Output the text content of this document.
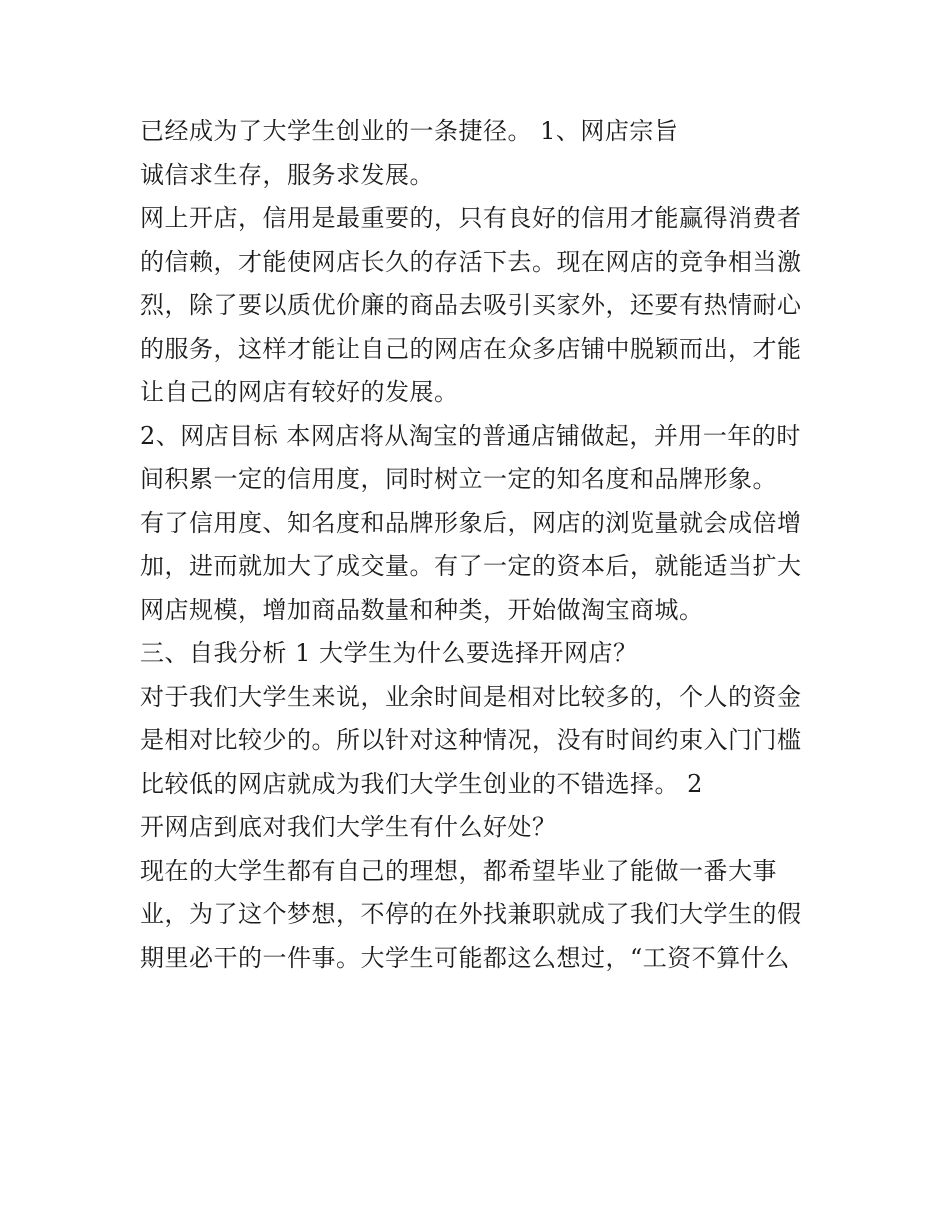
已经成为了大学生创业的一条捷径。 1、网店宗旨
诚信求生存，服务求发展。
网上开店，信用是最重要的，只有良好的信用才能赢得消费者
的信赖，才能使网店长久的存活下去。现在网店的竞争相当激
烈，除了要以质优价廉的商品去吸引买家外，还要有热情耐心
的服务，这样才能让自己的网店在众多店铺中脱颖而出，才能
让自己的网店有较好的发展。
2、网店目标 本网店将从淘宝的普通店铺做起，并用一年的时
间积累一定的信用度，同时树立一定的知名度和品牌形象。
有了信用度、知名度和品牌形象后，网店的浏览量就会成倍增
加，进而就加大了成交量。有了一定的资本后，就能适当扩大
网店规模，增加商品数量和种类，开始做淘宝商城。
三、自我分析 1 大学生为什么要选择开网店？
对于我们大学生来说，业余时间是相对比较多的，个人的资金
是相对比较少的。所以针对这种情况，没有时间约束入门门槛
比较低的网店就成为我们大学生创业的不错选择。 2
开网店到底对我们大学生有什么好处？
现在的大学生都有自己的理想，都希望毕业了能做一番大事
业，为了这个梦想，不停的在外找兼职就成了我们大学生的假
期里必干的一件事。大学生可能都这么想过，“工资不算什么
